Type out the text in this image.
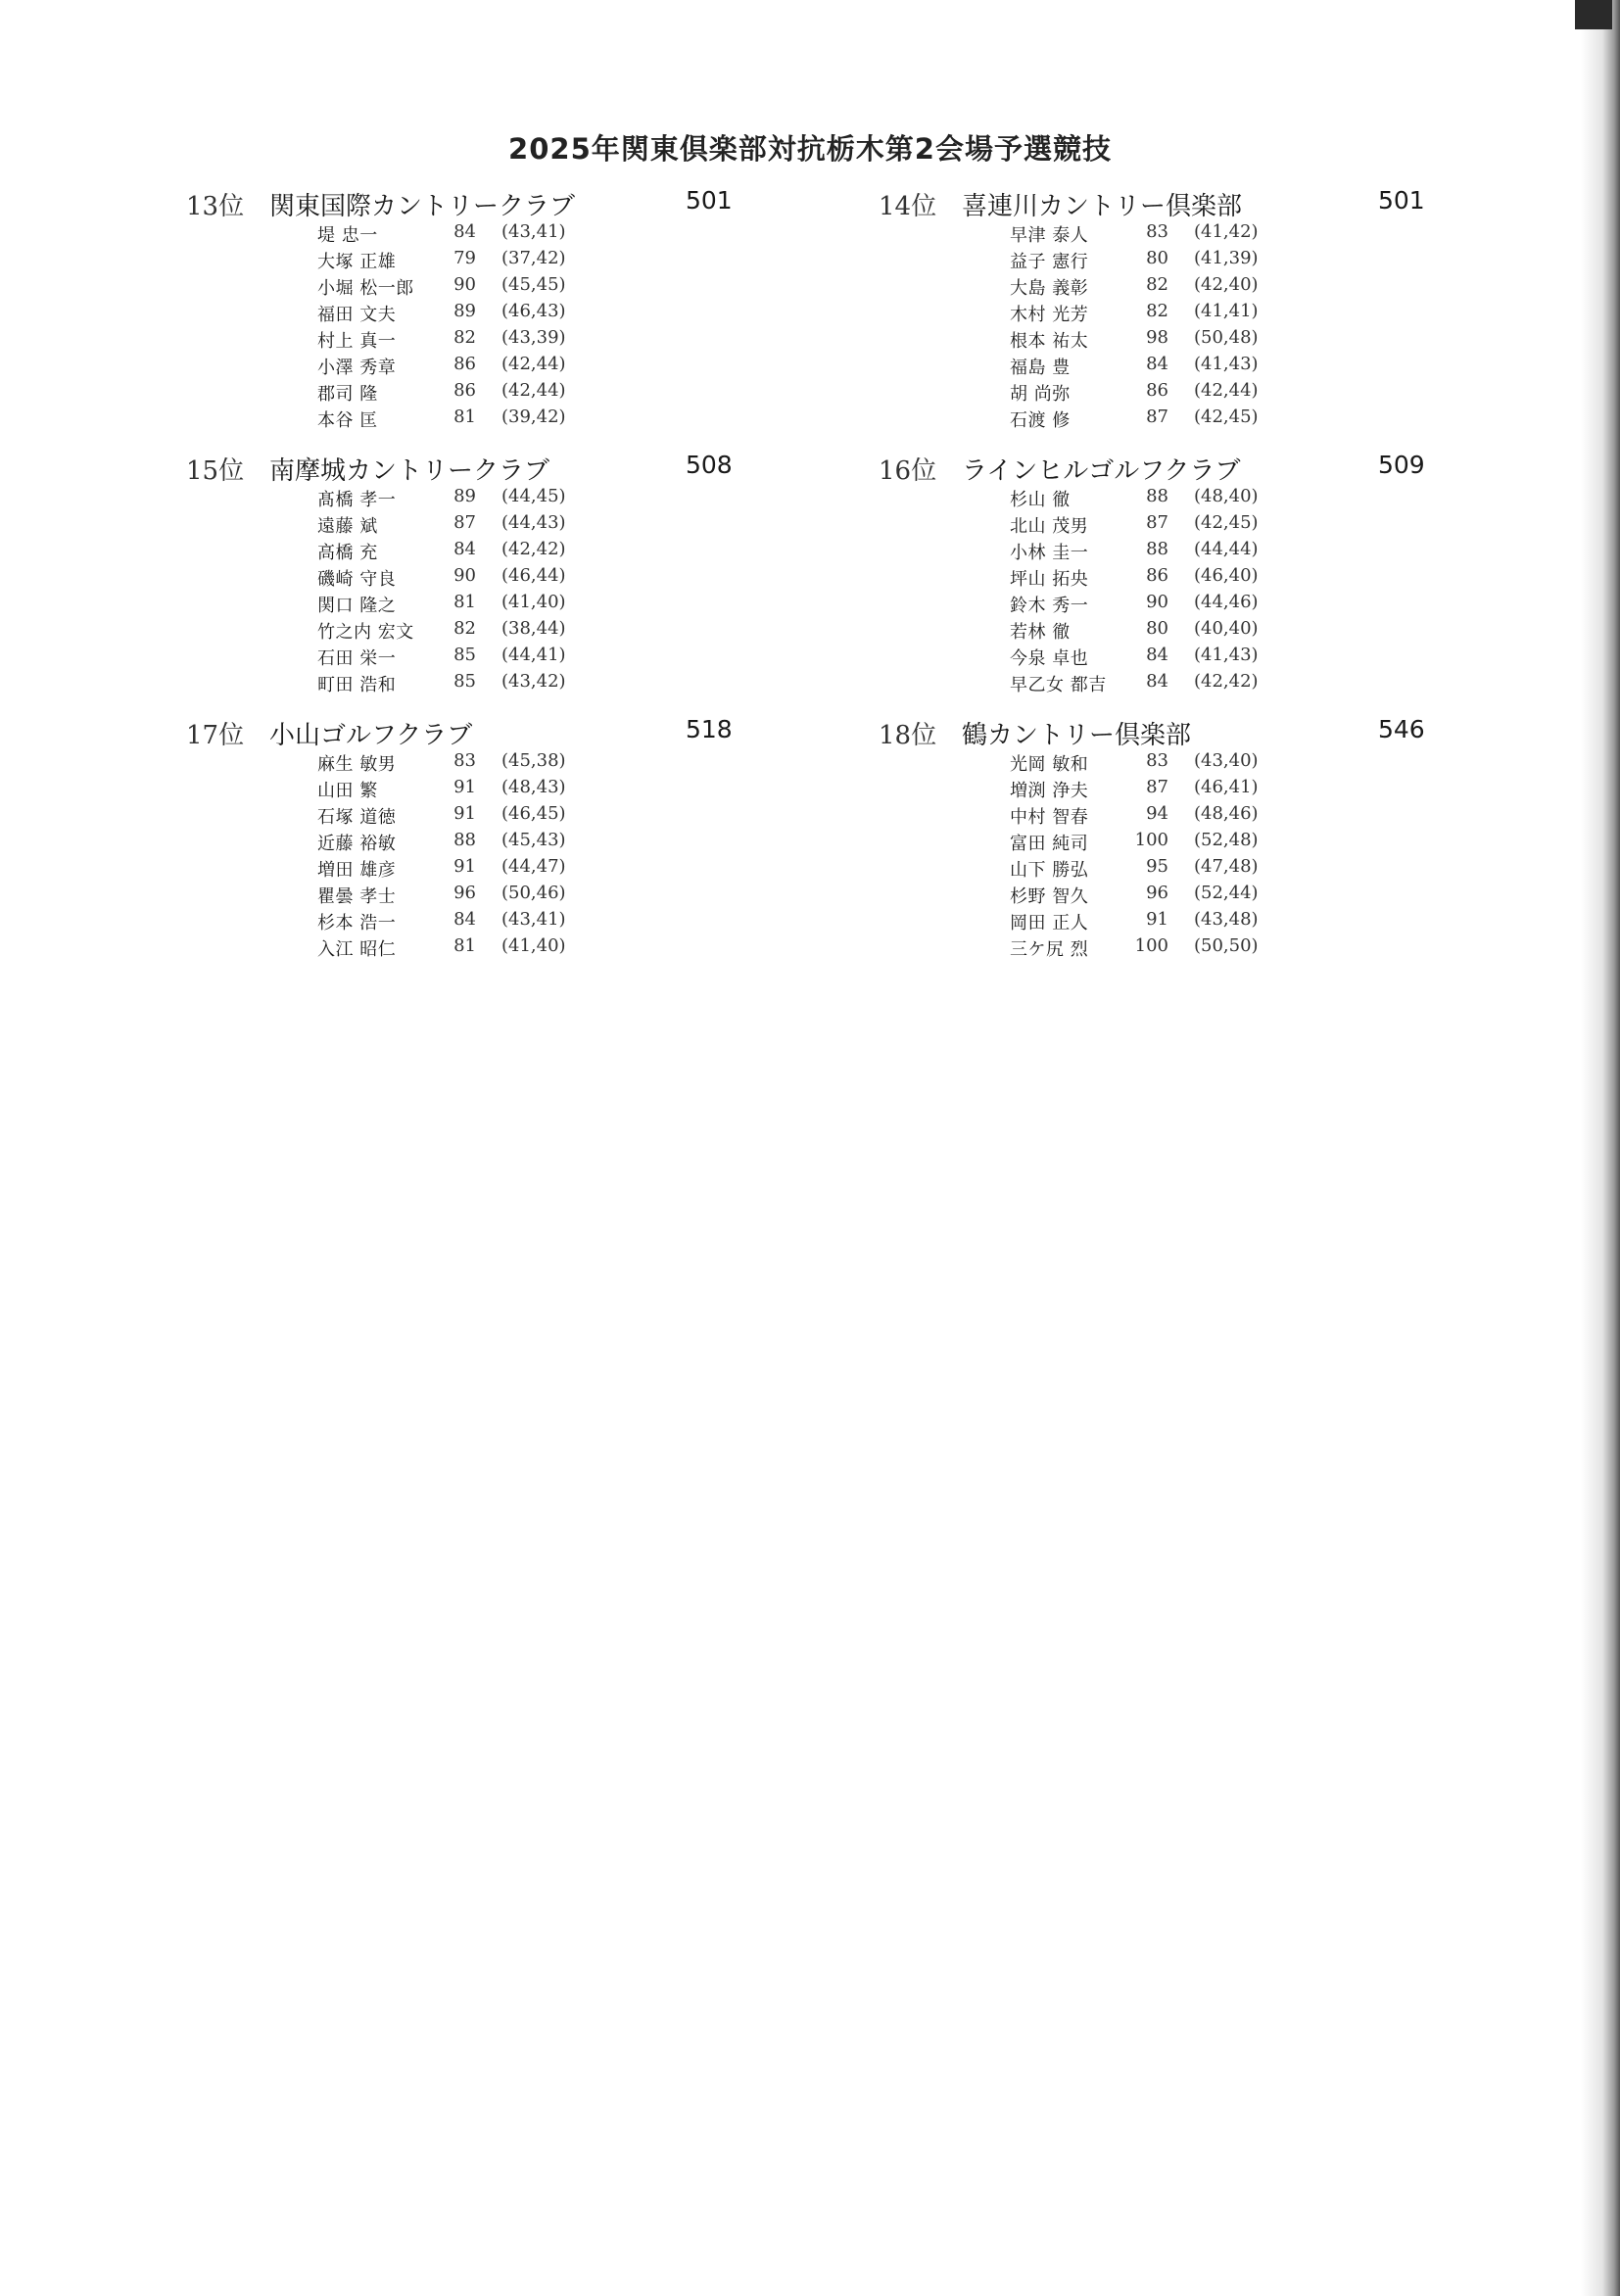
2025年関東倶楽部対抗栃木第2会場予選競技
13位 関東国際カントリークラブ	501
堤 忠一	84 (43,41)
大塚 正雄	79 (37,42)
小堀 松一郎	90 (45,45)
福田 文夫	89 (46,43)
村上 真一	82 (43,39)
小澤 秀章	86 (42,44)
郡司 隆	86 (42,44)
本谷 匡	81 (39,42)
14位 喜連川カントリー倶楽部	501
早津 泰人	83 (41,42)
益子 憲行	80 (41,39)
大島 義彰	82 (42,40)
木村 光芳	82 (41,41)
根本 祐太	98 (50,48)
福島 豊	84 (41,43)
胡 尚弥	86 (42,44)
石渡 修	87 (42,45)
15位 南摩城カントリークラブ	508
髙橋 孝一	89 (44,45)
遠藤 斌	87 (44,43)
高橋 充	84 (42,42)
磯崎 守良	90 (46,44)
関口 隆之	81 (41,40)
竹之内 宏文	82 (38,44)
石田 栄一	85 (44,41)
町田 浩和	85 (43,42)
16位 ラインヒルゴルフクラブ	509
杉山 徹	88 (48,40)
北山 茂男	87 (42,45)
小林 圭一	88 (44,44)
坪山 拓央	86 (46,40)
鈴木 秀一	90 (44,46)
若林 徹	80 (40,40)
今泉 卓也	84 (41,43)
早乙女 都吉	84 (42,42)
17位 小山ゴルフクラブ	518
麻生 敏男	83 (45,38)
山田 繁	91 (48,43)
石塚 道徳	91 (46,45)
近藤 裕敏	88 (45,43)
増田 雄彦	91 (44,47)
瞿曇 孝士	96 (50,46)
杉本 浩一	84 (43,41)
入江 昭仁	81 (41,40)
18位 鶴カントリー倶楽部	546
光岡 敏和	83 (43,40)
増渕 浄夫	87 (46,41)
中村 智春	94 (48,46)
富田 純司	100 (52,48)
山下 勝弘	95 (47,48)
杉野 智久	96 (52,44)
岡田 正人	91 (43,48)
三ケ尻 烈	100 (50,50)
